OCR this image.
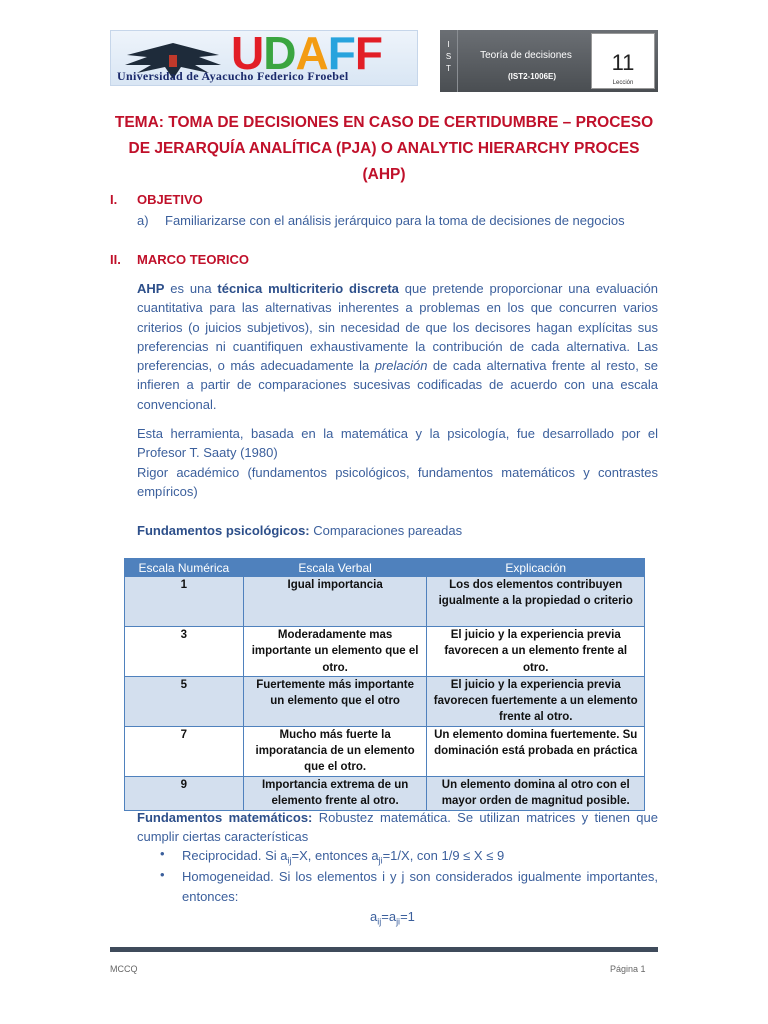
UDAFF
Universidad de Ayacucho Federico Froebel
I
S
T
Teoría de decisiones
(IST2-1006E)
11
Lección
TEMA: TOMA DE DECISIONES EN CASO DE CERTIDUMBRE – PROCESO DE JERARQUÍA ANALÍTICA (PJA) O ANALYTIC HIERARCHY PROCES (AHP)
I. OBJETIVO
a)	Familiarizarse con el análisis jerárquico para la toma de decisiones de negocios
II. MARCO TEORICO
AHP es una técnica multicriterio discreta que pretende proporcionar una evaluación cuantitativa para las alternativas inherentes a problemas en los que concurren varios criterios (o juicios subjetivos), sin necesidad de que los decisores hagan explícitas sus preferencias ni cuantifiquen exhaustivamente la contribución de cada alternativa. Las preferencias, o más adecuadamente la prelación de cada alternativa frente al resto, se infieren a partir de comparaciones sucesivas codificadas de acuerdo con una escala convencional.
Esta herramienta, basada en la matemática y la psicología, fue desarrollado por el Profesor T. Saaty (1980)
Rigor académico (fundamentos psicológicos, fundamentos matemáticos y contrastes empíricos)
Fundamentos psicológicos: Comparaciones pareadas
Escala Numérica	Escala Verbal	Explicación
1	Igual importancia	Los dos elementos contribuyen igualmente a la propiedad o criterio
3	Moderadamente mas importante un elemento que el otro.	El juicio y la experiencia previa favorecen a un elemento frente al otro.
5	Fuertemente más importante un elemento que el otro	El juicio y la experiencia previa favorecen fuertemente a un elemento frente al otro.
7	Mucho más fuerte la imporatancia de un elemento que el otro.	Un elemento domina fuertemente. Su dominación está probada en práctica
9	Importancia extrema de un elemento frente al otro.	Un elemento domina al otro con el mayor orden de magnitud posible.
Fundamentos matemáticos: Robustez matemática. Se utilizan matrices y tienen que cumplir ciertas características
• Reciprocidad. Si $a_{ij}=X$, entonces $a_{ji}=1/X$, con 1/9 ≤ X ≤ 9
• Homogeneidad. Si los elementos i y j son considerados igualmente importantes, entonces:
$a_{ij}=a_{ji}=1$
MCCQ	Página 1
